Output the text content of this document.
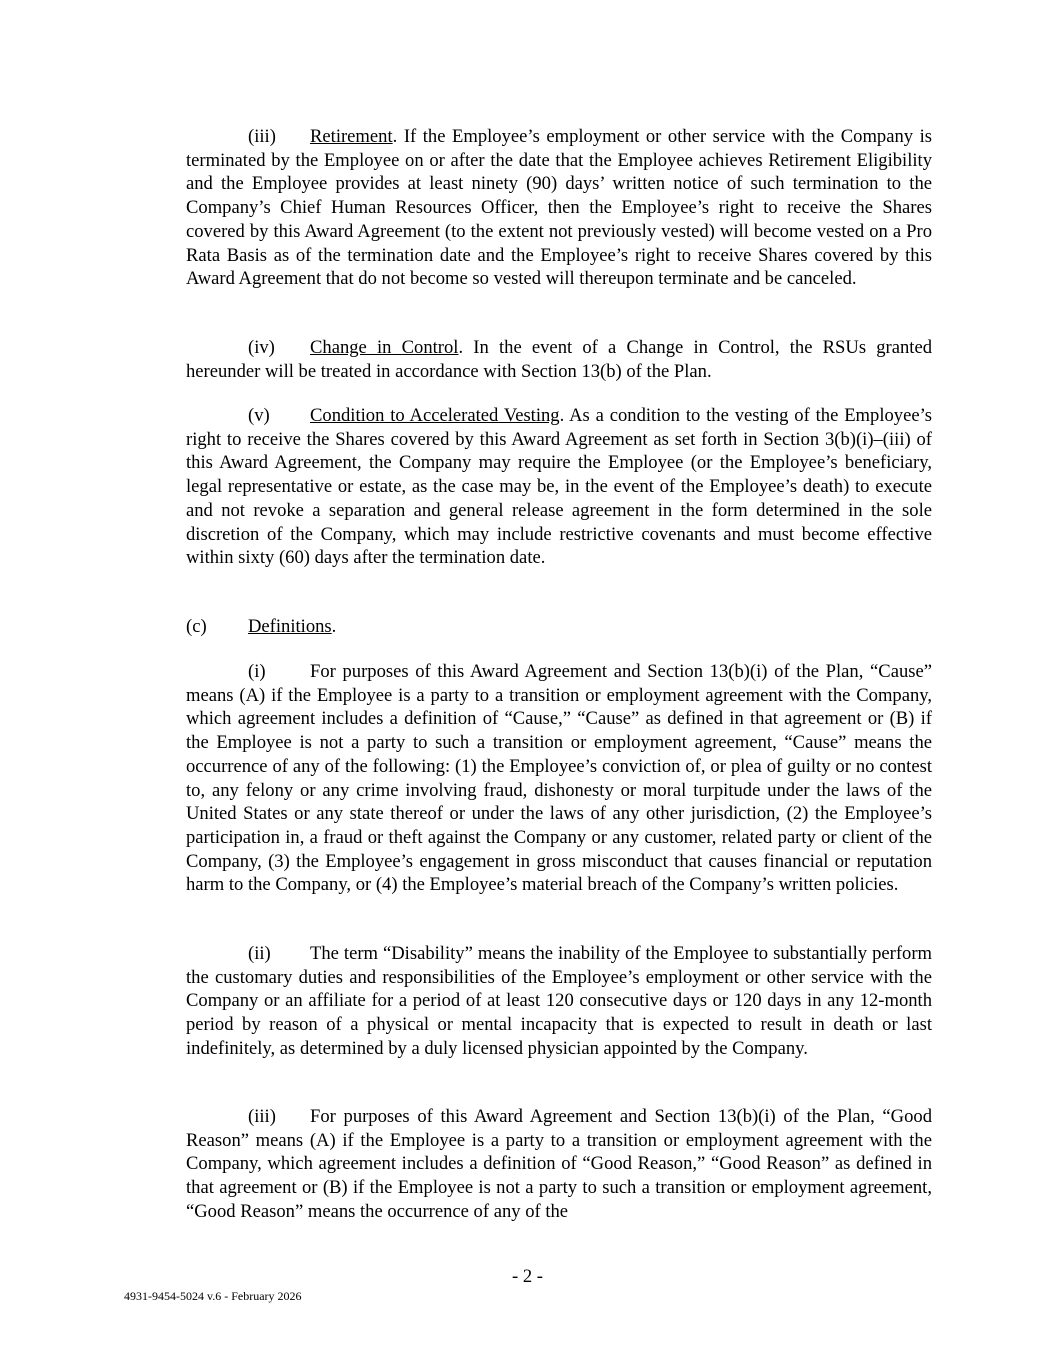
(iii) Retirement. If the Employee’s employment or other service with the Company is terminated by the Employee on or after the date that the Employee achieves Retirement Eligibility and the Employee provides at least ninety (90) days’ written notice of such termination to the Company’s Chief Human Resources Officer, then the Employee’s right to receive the Shares covered by this Award Agreement (to the extent not previously vested) will become vested on a Pro Rata Basis as of the termination date and the Employee’s right to receive Shares covered by this Award Agreement that do not become so vested will thereupon terminate and be canceled.

(iv) Change in Control. In the event of a Change in Control, the RSUs granted hereunder will be treated in accordance with Section 13(b) of the Plan.

(v) Condition to Accelerated Vesting. As a condition to the vesting of the Employee’s right to receive the Shares covered by this Award Agreement as set forth in Section 3(b)(i)–(iii) of this Award Agreement, the Company may require the Employee (or the Employee’s beneficiary, legal representative or estate, as the case may be, in the event of the Employee’s death) to execute and not revoke a separation and general release agreement in the form determined in the sole discretion of the Company, which may include restrictive covenants and must become effective within sixty (60) days after the termination date.

(c) Definitions.

(i) For purposes of this Award Agreement and Section 13(b)(i) of the Plan, “Cause” means (A) if the Employee is a party to a transition or employment agreement with the Company, which agreement includes a definition of “Cause,” “Cause” as defined in that agreement or (B) if the Employee is not a party to such a transition or employment agreement, “Cause” means the occurrence of any of the following: (1) the Employee’s conviction of, or plea of guilty or no contest to, any felony or any crime involving fraud, dishonesty or moral turpitude under the laws of the United States or any state thereof or under the laws of any other jurisdiction, (2) the Employee’s participation in, a fraud or theft against the Company or any customer, related party or client of the Company, (3) the Employee’s engagement in gross misconduct that causes financial or reputation harm to the Company, or (4) the Employee’s material breach of the Company’s written policies.

(ii) The term “Disability” means the inability of the Employee to substantially perform the customary duties and responsibilities of the Employee’s employment or other service with the Company or an affiliate for a period of at least 120 consecutive days or 120 days in any 12-month period by reason of a physical or mental incapacity that is expected to result in death or last indefinitely, as determined by a duly licensed physician appointed by the Company.

(iii) For purposes of this Award Agreement and Section 13(b)(i) of the Plan, “Good Reason” means (A) if the Employee is a party to a transition or employment agreement with the Company, which agreement includes a definition of “Good Reason,” “Good Reason” as defined in that agreement or (B) if the Employee is not a party to such a transition or employment agreement, “Good Reason” means the occurrence of any of the

- 2 -
4931-9454-5024 v.6 - February 2026
